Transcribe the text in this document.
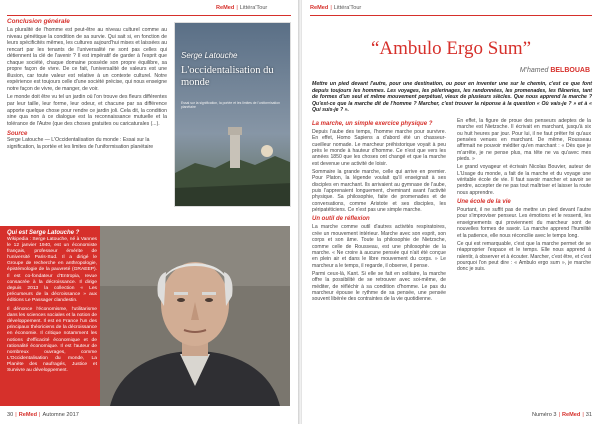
ReMed | Littéra'Tour
Conclusion générale

La pluralité de l'homme est peut-être au niveau culturel comme au niveau génétique la condition de sa survie. Qui sait si, en fonction de leurs spécificités mêmes, les cultures aujourd'hui mises et laissées au rencart par les tenants de l'universalité ne sont pas celles qui détiennent la clé de l'avenir ? Il est impératif de garder à l'esprit que chaque société, chaque domaine possède son propre équilibre, sa propre façon de vivre. De ce fait, l'universalité de valeurs est une illusion, car toute valeur est relative à un contexte culturel. Notre expérience est toujours celle d'une société précise, qui nous enseigne notre façon de vivre, de manger, de voir.

Le monde doit être vu tel un jardin où l'on trouve des fleurs différentes par leur taille, leur forme, leur odeur, et chacune par sa différence apporte quelque chose pour rendre ce jardin joli. Cela dit, la condition sine qua non à ce dialogue est la reconnaissance mutuelle et la tolérance de l'Autre (que des choses gratuites ou caricaturales (...).

Source

Serge Latouche — L'Occidentalisation du monde : Essai sur la signification, la portée et les limites de l'uniformisation planétaire

Serge Latouche
L'occidentalisation du monde
Essai sur la signification, la portée et les limites de l'uniformisation planétaire
Qui est Serge Latouche ?

Wikipedia : Serge Latouche, né à Vannes le 12 janvier 1940, est un économiste français, professeur émérite de l'université Paris-Sud. Il a dirigé le Groupe de recherche en anthropologie, épistémologie de la pauvreté (GRAEEP). Il est co-fondateur d'Entropia, revue consacrée à la décroissance. Il dirige depuis 2013 la collection « Les précurseurs de la décroissance » aux éditions Le Passager clandestin.

Il dénonce l'économisme, l'utilitarisme dans les sciences sociales et la notion de développement. Il est en France l'un des principaux théoriciens de la décroissance en économie. Il critique notamment les notions d'efficacité économique et de rationalité économique. Il est l'auteur de nombreux ouvrages, comme L'Occidentalisation du monde, La Planète des naufragés, Justice et Survivre au développement.

30 | ReMed | Automne 2017
ReMed | Littéra'Tour
“Ambulo Ergo Sum”
M'hamed BELBOUAB

Mettre un pied devant l'autre, pour une destination, ou pour en inventer une sur le chemin, c'est ce que font depuis toujours les hommes. Les voyages, les pèlerinages, les randonnées, les promenades, les flâneries, tant de formes d'un seul et même mouvement perpétuel, vieux de plusieurs siècles. Que nous apprend la marche ? Qu'est-ce que la marche dit de l'homme ? Marcher, c'est trouver la réponse à la question « Où vais-je ? » et à « Qui suis-je ? ».

La marche, un simple exercice physique ?

Depuis l'aube des temps, l'homme marche pour survivre. En effet, Homo Sapiens a d'abord été un chasseur-cueilleur nomade. Le marcheur préhistorique voyait à peu près le monde à hauteur d'homme. Ce n'est que vers les années 1850 que les choses ont changé et que la marche est devenue une activité de loisir.

Sommaire la grande marche, celle qui arrive en premier. Pour Platon, la légende voulait qu'il enseignait à ses disciples en marchant. Ils arrivaient au gymnase de l'aube, puis l'apprenaient longuement, cheminant avant l'activité physique. Sa philosophie, faite de promenades et de conversations, comme Aristote et ses disciples, les péripatéticiens. Ce n'est pas une simple marche.

Un outil de réflexion

La marche comme outil d'autres activités respiratoires, crée un mouvement intérieur. Marche avec son esprit, son corps et son âme. Toute la philosophie de Nietzsche, comme celle de Rousseau, est une philosophie de la marche. « Ne croire à aucune pensée qui n'ait été conçue en plein air et dans le libre mouvement du corps. » Le marcheur a le temps, il regarde, il observe, il pense.

Parmi ceux-là, Kant. Si elle se fait en solitaire, la marche offre la possibilité de se retrouver avec soi-même, de méditer, de réfléchir à sa condition d'homme. Le pas du marcheur épouse le rythme de sa pensée, une pensée souvent libérée des contraintes de la vie quotidienne.

En effet, la figure de proue des penseurs adeptes de la marche est Nietzsche. Il écrivait en marchant, jusqu'à six ou huit heures par jour. Pour lui, il ne faut prêter foi qu'aux pensées venues en marchant. De même, Rousseau affirmait ne pouvoir méditer qu'en marchant : « Dès que je m'arrête, je ne pense plus, ma tête ne va qu'avec mes pieds. »

Le grand voyageur et écrivain Nicolas Bouvier, auteur de L'Usage du monde, a fait de la marche et du voyage une véritable école de vie. Il faut savoir marcher et savoir se perdre, accepter de ne pas tout maîtriser et laisser la route nous apprendre.

Une école de la vie

Pourtant, il ne suffit pas de mettre un pied devant l'autre pour s'improviser penseur. Les émotions et le ressenti, les enseignements qui proviennent du marcheur sont de nouvelles formes de savoir. La marche apprend l'humilité et la patience, elle nous réconcilie avec le temps long.

Ce qui est remarquable, c'est que la marche permet de se réapproprier l'espace et le temps. Elle nous apprend à ralentir, à observer et à écouter. Marcher, c'est être, et c'est pourquoi l'on peut dire : « Ambulo ergo sum », je marche donc je suis.

Numéro 3 | ReMed | 31
